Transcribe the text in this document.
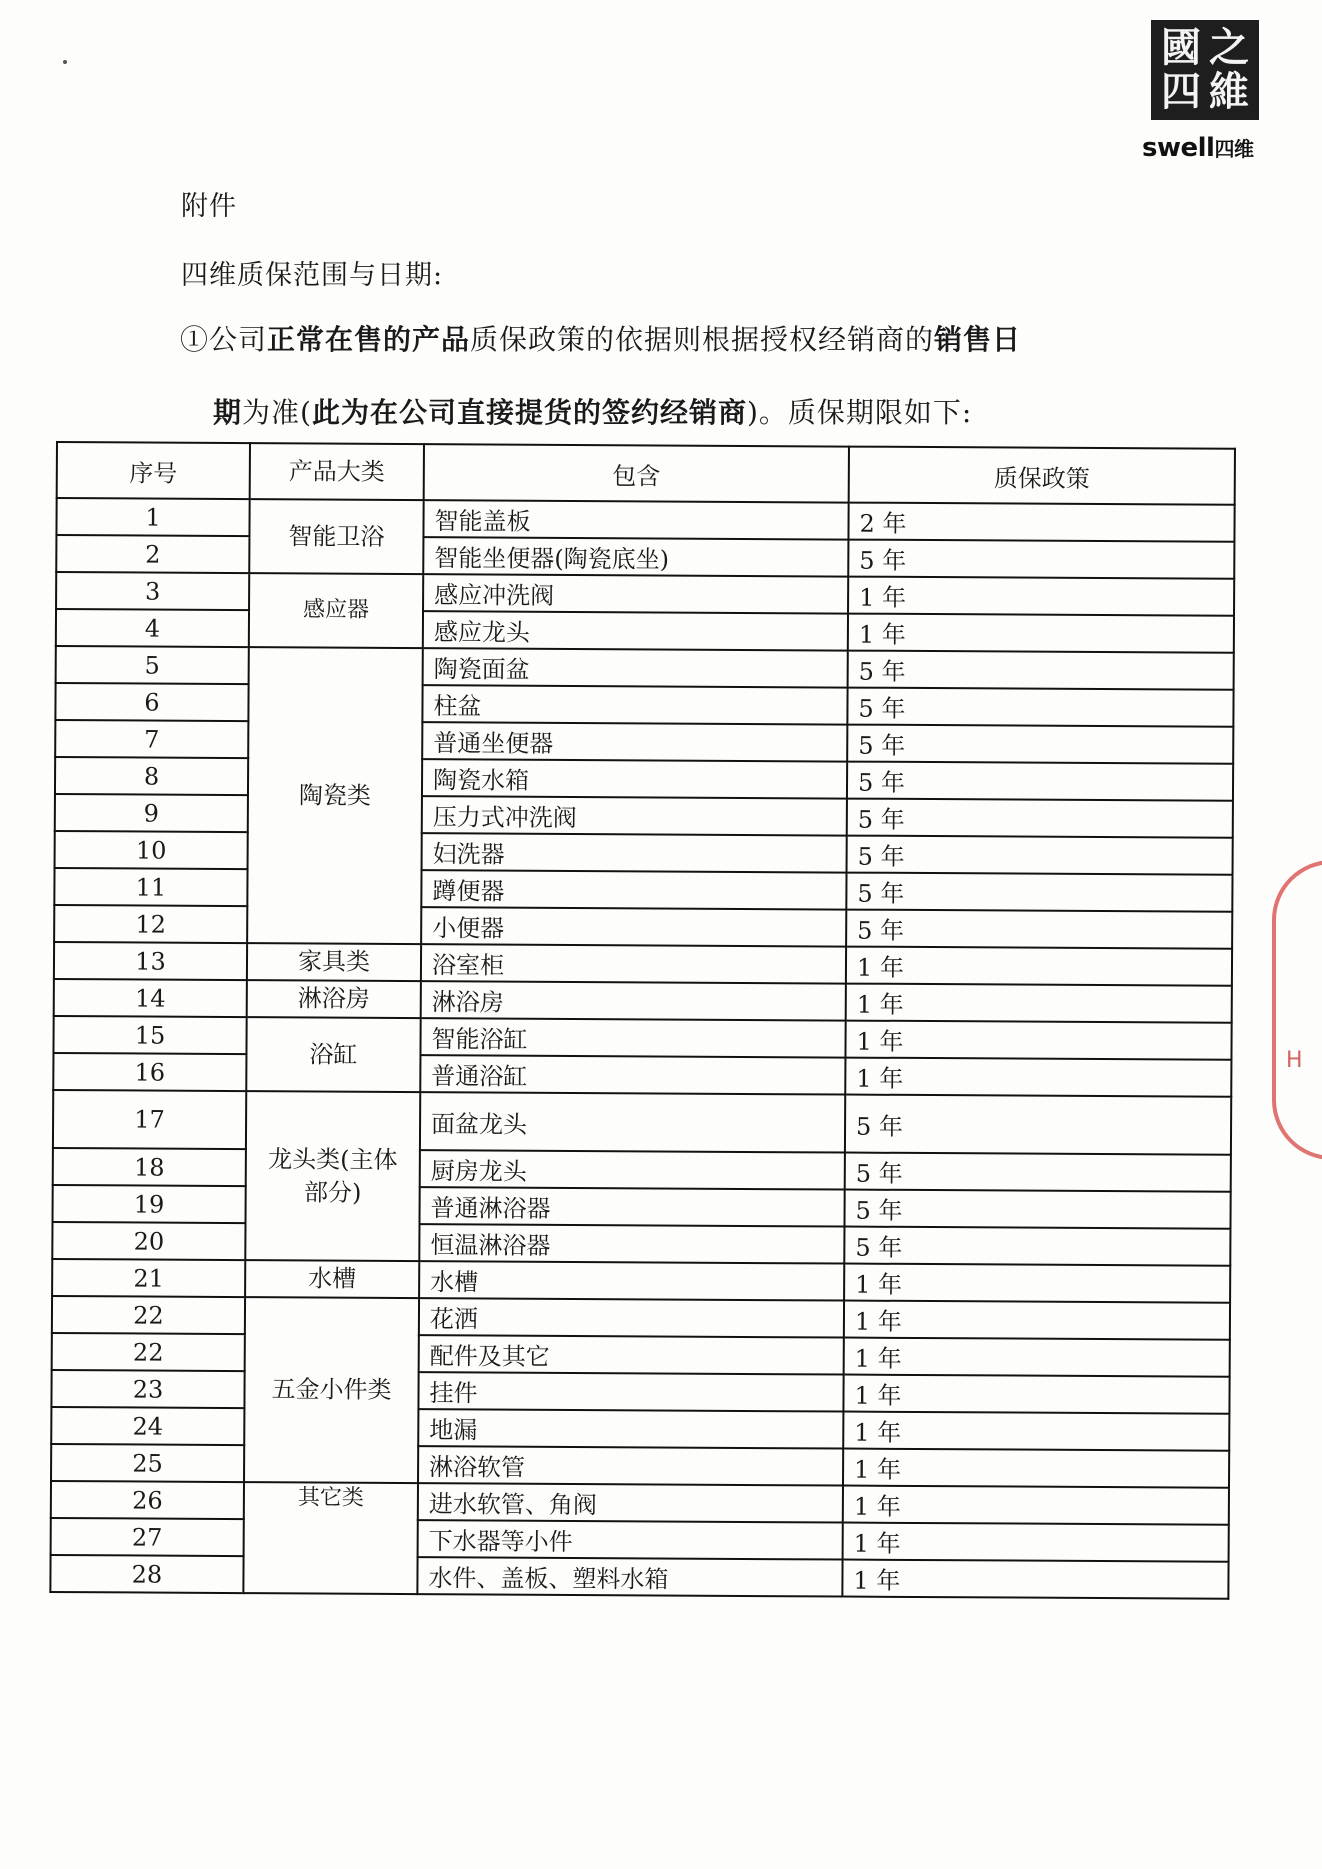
國 之
四 維
swell四维
附件
四维质保范围与日期:
①公司正常在售的产品质保政策的依据则根据授权经销商的销售日
期为准(此为在公司直接提货的签约经销商)。质保期限如下:
序号	产品大类	包含	质保政策
1	智能卫浴	智能盖板	2 年
2		智能坐便器(陶瓷底坐)	5 年
3	感应器	感应冲洗阀	1 年
4		感应龙头	1 年
5	陶瓷类	陶瓷面盆	5 年
6		柱盆	5 年
7		普通坐便器	5 年
8		陶瓷水箱	5 年
9		压力式冲洗阀	5 年
10		妇洗器	5 年
11		蹲便器	5 年
12		小便器	5 年
13	家具类	浴室柜	1 年
14	淋浴房	淋浴房	1 年
15	浴缸	智能浴缸	1 年
16		普通浴缸	1 年
17	龙头类(主体部分)	面盆龙头	5 年
18		厨房龙头	5 年
19		普通淋浴器	5 年
20		恒温淋浴器	5 年
21	水槽	水槽	1 年
22	五金小件类	花洒	1 年
22		配件及其它	1 年
23		挂件	1 年
24		地漏	1 年
25		淋浴软管	1 年
26	其它类	进水软管、角阀	1 年
27		下水器等小件	1 年
28		水件、盖板、塑料水箱	1 年
H
